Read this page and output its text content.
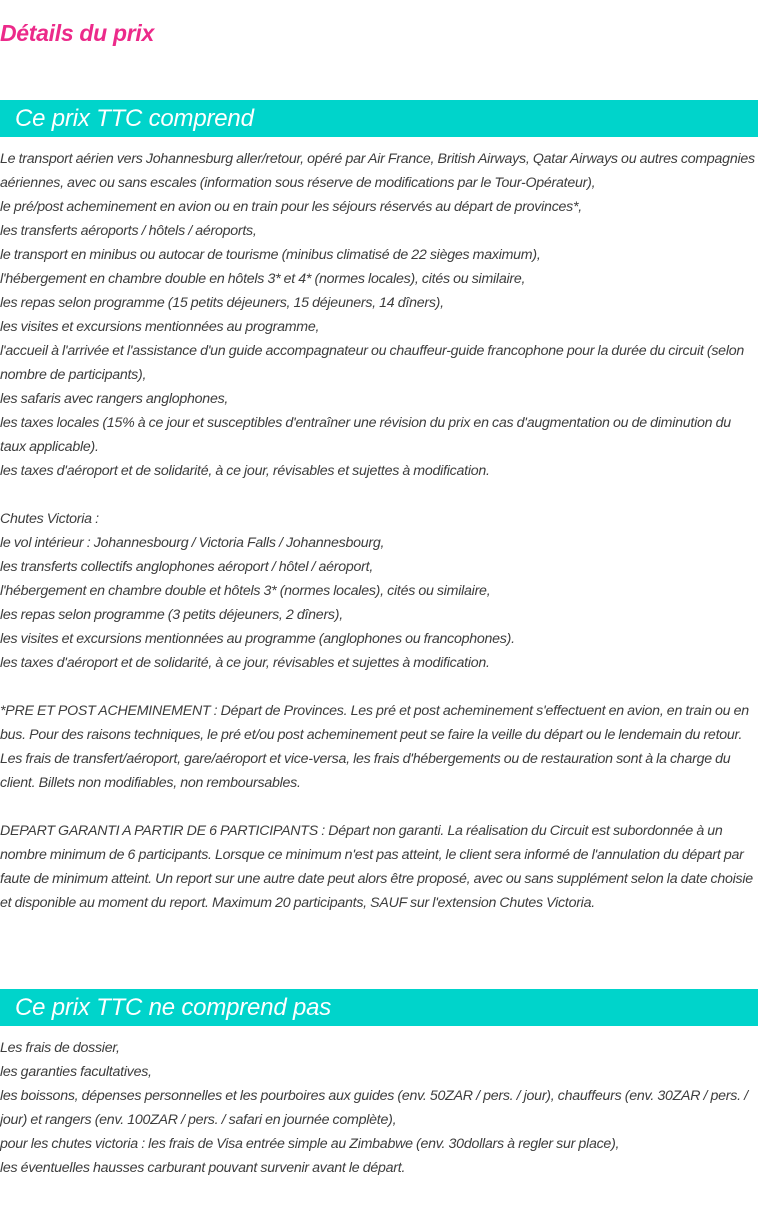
Détails du prix
Ce prix TTC comprend
Le transport aérien vers Johannesburg aller/retour, opéré par Air France, British Airways, Qatar Airways ou autres compagnies aériennes, avec ou sans escales (information sous réserve de modifications par le Tour-Opérateur),
le pré/post acheminement en avion ou en train pour les séjours réservés au départ de provinces*,
les transferts aéroports / hôtels / aéroports,
le transport en minibus ou autocar de tourisme (minibus climatisé de 22 sièges maximum),
l'hébergement en chambre double en hôtels 3* et 4* (normes locales), cités ou similaire,
les repas selon programme (15 petits déjeuners, 15 déjeuners, 14 dîners),
les visites et excursions mentionnées au programme,
l'accueil à l'arrivée et l'assistance d'un guide accompagnateur ou chauffeur-guide francophone pour la durée du circuit (selon nombre de participants),
les safaris avec rangers anglophones,
les taxes locales (15% à ce jour et susceptibles d'entraîner une révision du prix en cas d'augmentation ou de diminution du taux applicable).
les taxes d'aéroport et de solidarité, à ce jour, révisables et sujettes à modification.
Chutes Victoria :
le vol intérieur : Johannesbourg / Victoria Falls / Johannesbourg,
les transferts collectifs anglophones aéroport / hôtel / aéroport,
l'hébergement en chambre double et hôtels 3* (normes locales), cités ou similaire,
les repas selon programme (3 petits déjeuners, 2 dîners),
les visites et excursions mentionnées au programme (anglophones ou francophones).
les taxes d'aéroport et de solidarité, à ce jour, révisables et sujettes à modification.
*PRE ET POST ACHEMINEMENT : Départ de Provinces. Les pré et post acheminement s'effectuent en avion, en train ou en bus. Pour des raisons techniques, le pré et/ou post acheminement peut se faire la veille du départ ou le lendemain du retour. Les frais de transfert/aéroport, gare/aéroport et vice-versa, les frais d'hébergements ou de restauration sont à la charge du client. Billets non modifiables, non remboursables.
DEPART GARANTI A PARTIR DE 6 PARTICIPANTS : Départ non garanti. La réalisation du Circuit est subordonnée à un nombre minimum de 6 participants. Lorsque ce minimum n'est pas atteint, le client sera informé de l'annulation du départ par faute de minimum atteint. Un report sur une autre date peut alors être proposé, avec ou sans supplément selon la date choisie et disponible au moment du report. Maximum 20 participants, SAUF sur l'extension Chutes Victoria.
Ce prix TTC ne comprend pas
Les frais de dossier,
les garanties facultatives,
les boissons, dépenses personnelles et les pourboires aux guides (env. 50ZAR / pers. / jour), chauffeurs (env. 30ZAR / pers. / jour) et rangers (env. 100ZAR / pers. / safari en journée complète),
pour les chutes victoria : les frais de Visa entrée simple au Zimbabwe (env. 30dollars à regler sur place),
les éventuelles hausses carburant pouvant survenir avant le départ.
